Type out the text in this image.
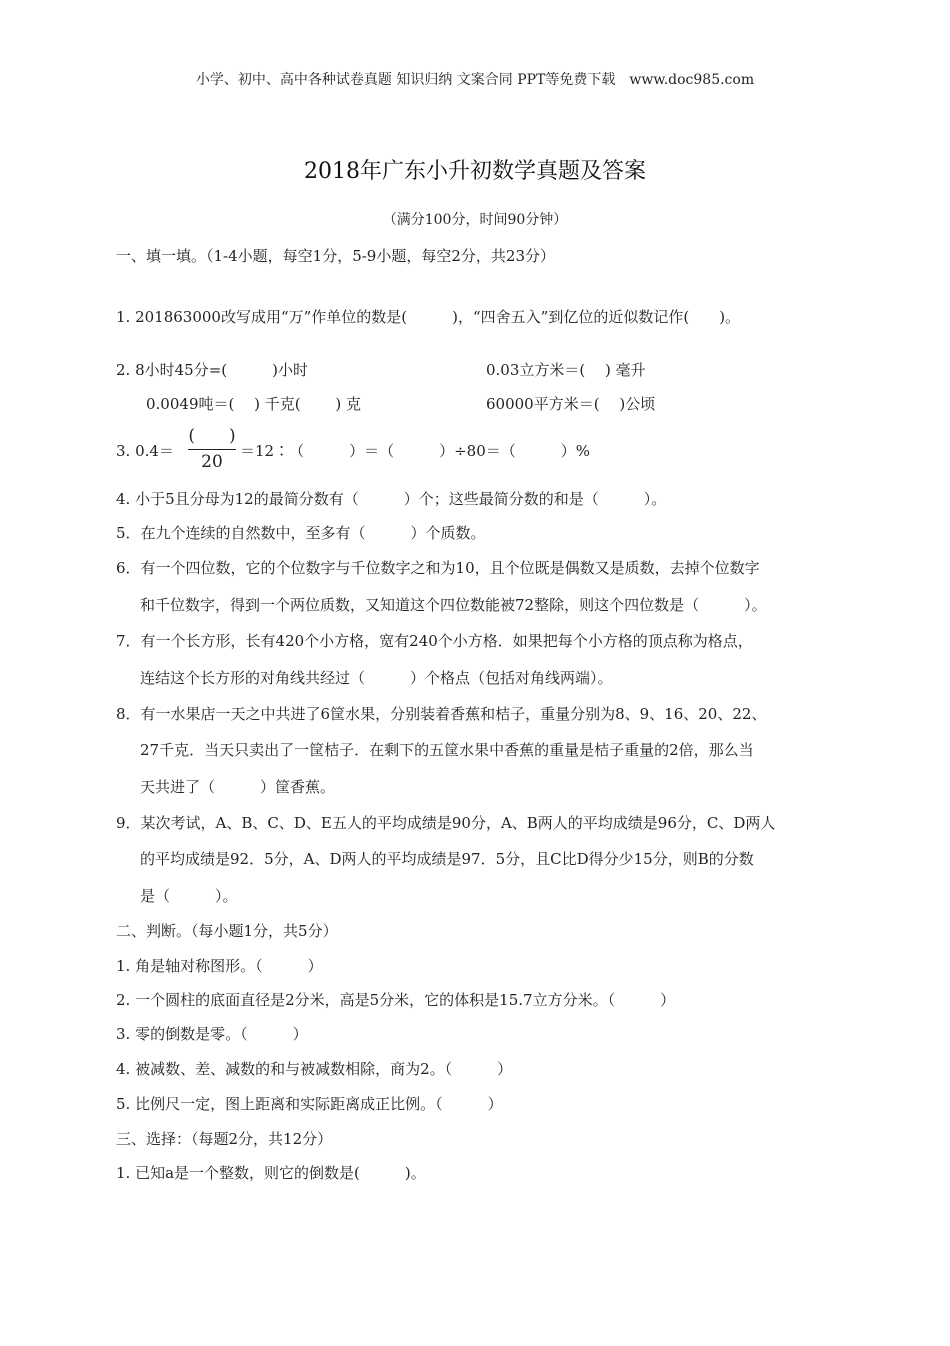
小学、初中、高中各种试卷真题 知识归纳 文案合同 PPT等免费下载　www.doc985.com
2018年广东小升初数学真题及答案
（满分100分，时间90分钟）
一、填一填。（1-4小题，每空1分，5-9小题，每空2分，共23分）
1. 201863000改写成用“万”作单位的数是(　　　)，“四舍五入”到亿位的近似数记作(　　)。
2. 8小时45分=(　　　)小时	0.03立方米＝(　 ) 毫升
0.0049吨＝(　 ) 千克(　　 ) 克	60000平方米＝(　 )公顷
3. 0.4＝
(　　)
20
＝12∶（　　　）＝（　　　）÷80＝（　　　）%
4. 小于5且分母为12的最简分数有（　　　）个；这些最简分数的和是（　　　）。
5．在九个连续的自然数中，至多有（　　　）个质数。
6．有一个四位数，它的个位数字与千位数字之和为10，且个位既是偶数又是质数，去掉个位数字
和千位数字，得到一个两位质数，又知道这个四位数能被72整除，则这个四位数是（　　　）。
7．有一个长方形，长有420个小方格，宽有240个小方格．如果把每个小方格的顶点称为格点，
连结这个长方形的对角线共经过（　　　）个格点（包括对角线两端）。
8．有一水果店一天之中共进了6筐水果，分别装着香蕉和桔子，重量分别为8、9、16、20、22、
27千克．当天只卖出了一筐桔子．在剩下的五筐水果中香蕉的重量是桔子重量的2倍，那么当
天共进了（　　　）筐香蕉。
9．某次考试，A、B、C、D、E五人的平均成绩是90分，A、B两人的平均成绩是96分，C、D两人
的平均成绩是92．5分，A、D两人的平均成绩是97．5分，且C比D得分少15分，则B的分数
是（　　　）。
二、判断。（每小题1分，共5分）
1. 角是轴对称图形。（　　　）
2. 一个圆柱的底面直径是2分米，高是5分米，它的体积是15.7立方分米。（　　　）
3. 零的倒数是零。（　　　）
4. 被减数、差、减数的和与被减数相除，商为2。（　　　）
5. 比例尺一定，图上距离和实际距离成正比例。（　　　）
三、选择：（每题2分，共12分）
1. 已知a是一个整数，则它的倒数是(　　　)。
